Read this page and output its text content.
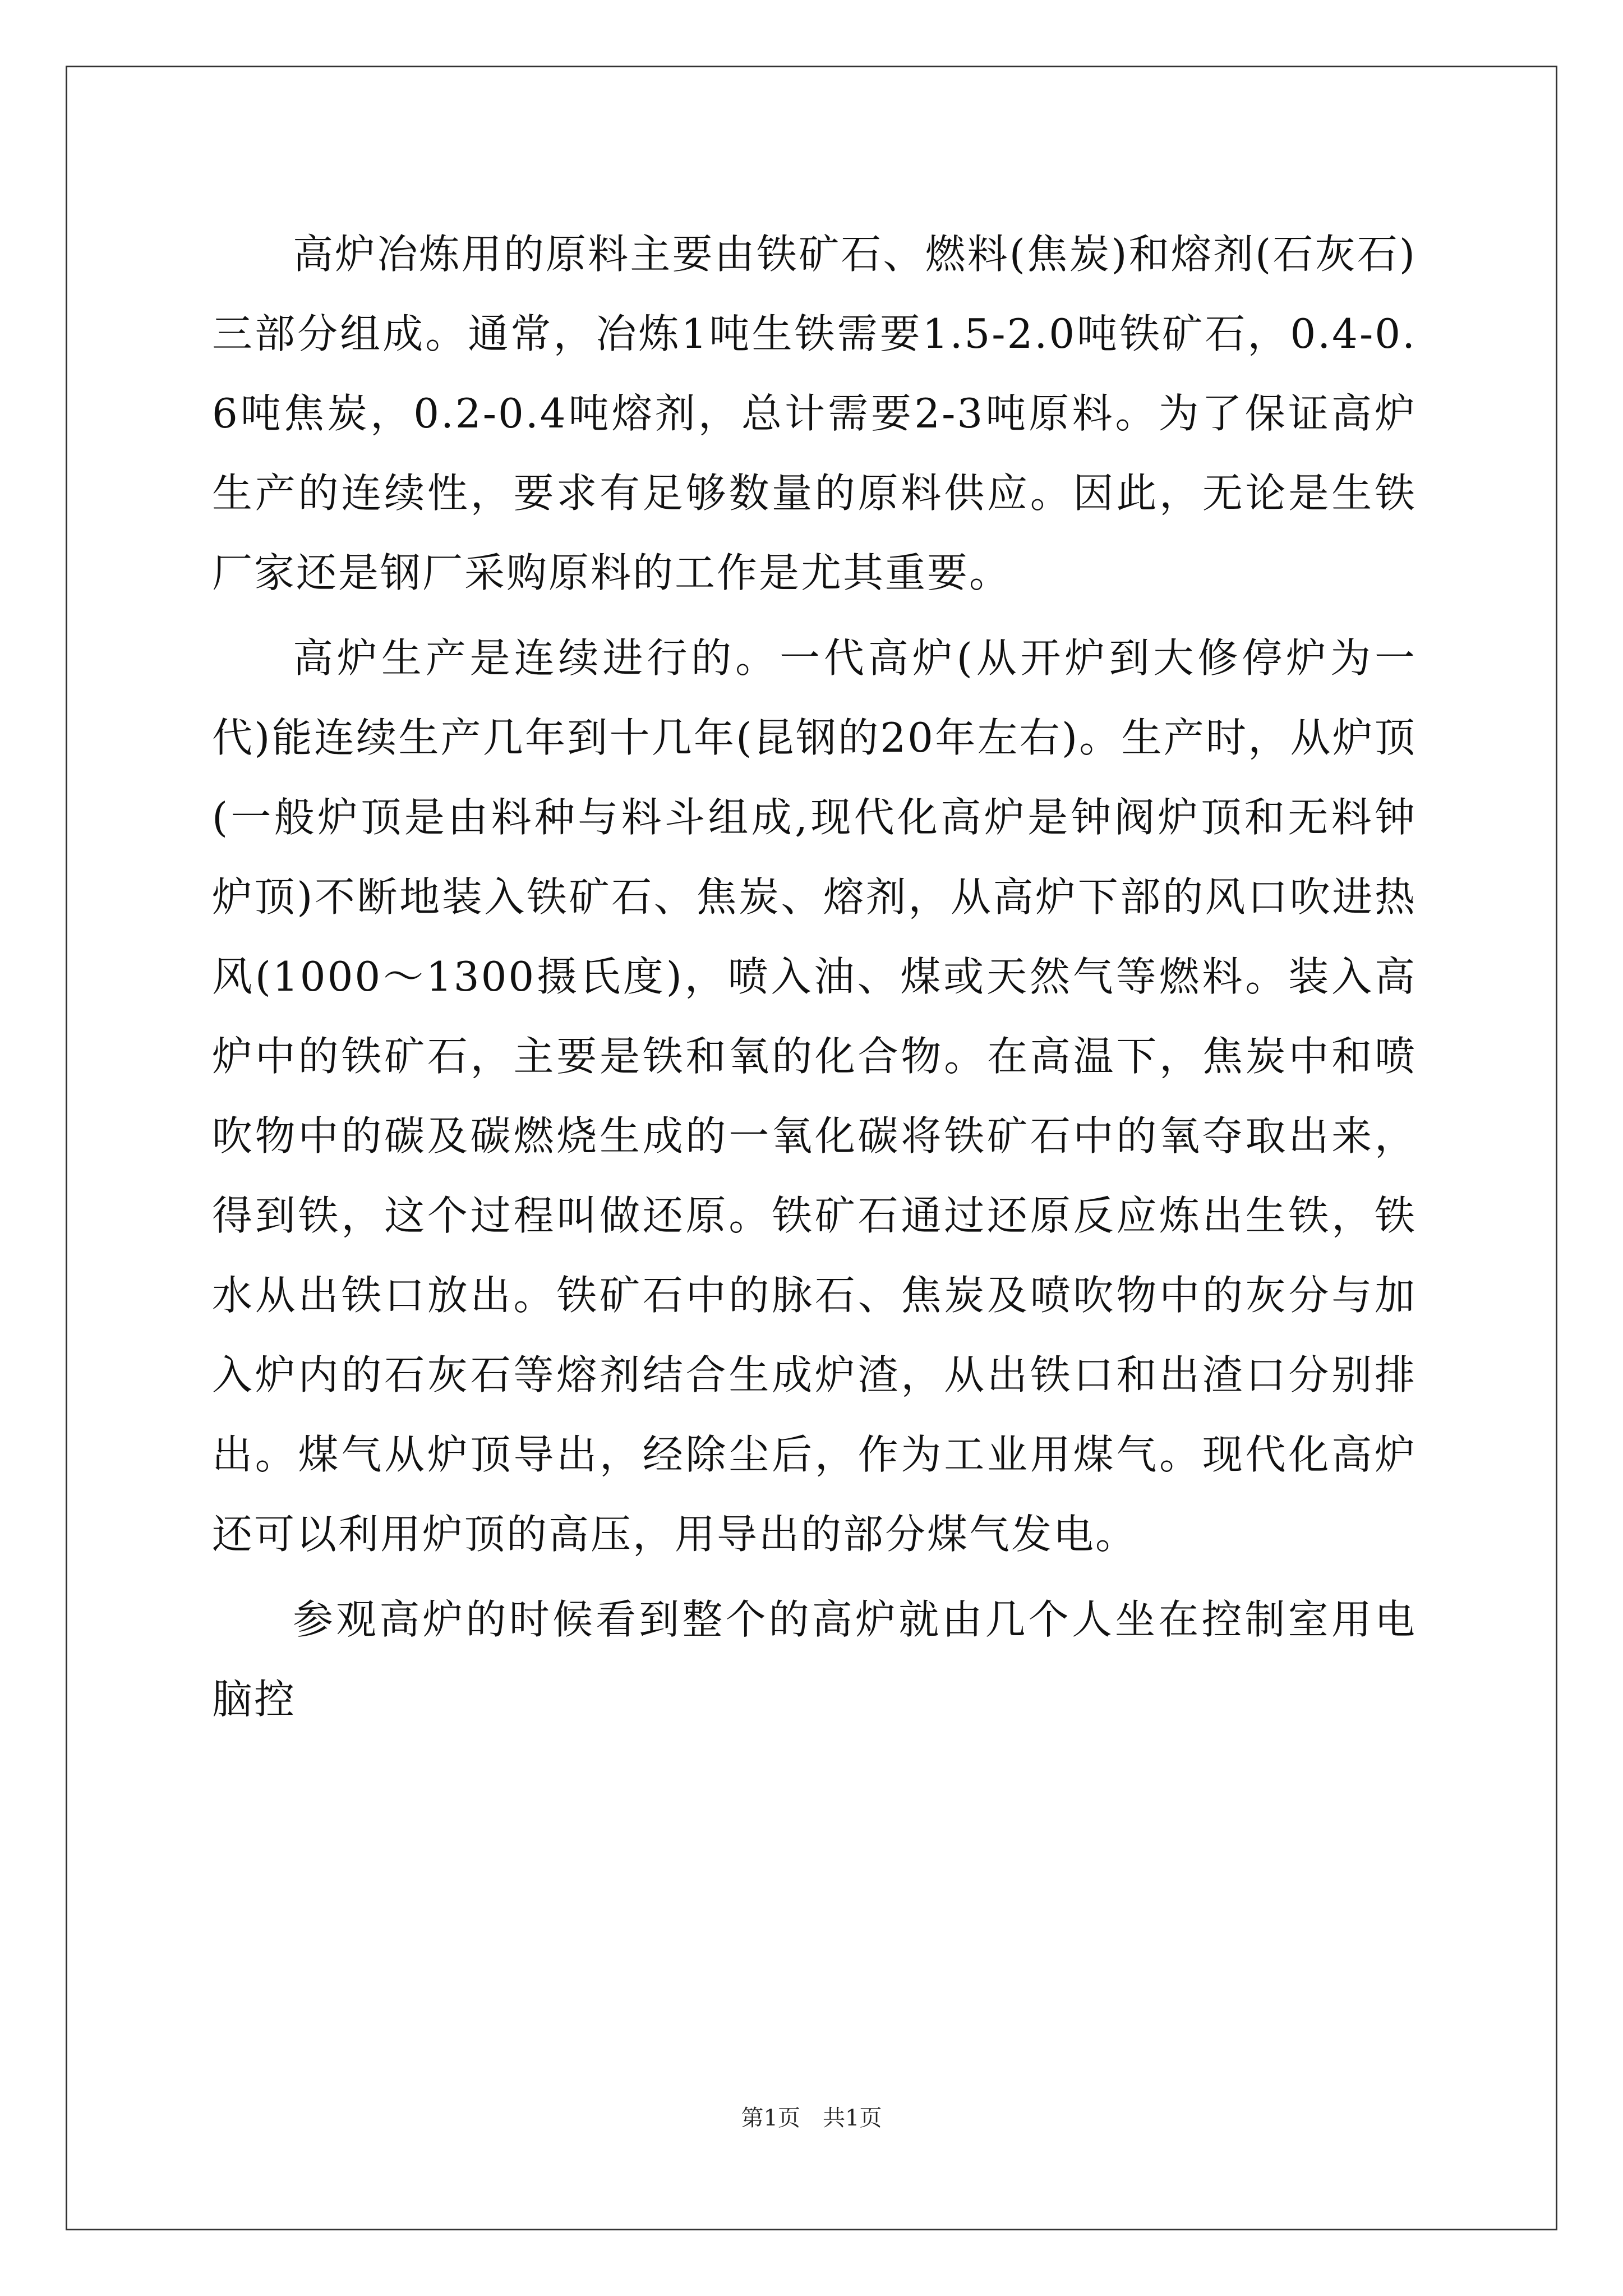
高炉冶炼用的原料主要由铁矿石、燃料(焦炭)和熔剂(石灰石)三部分组成。通常，冶炼1吨生铁需要1.5-2.0吨铁矿石，0.4-0.6吨焦炭，0.2-0.4吨熔剂，总计需要2-3吨原料。为了保证高炉生产的连续性，要求有足够数量的原料供应。因此，无论是生铁厂家还是钢厂采购原料的工作是尤其重要。

高炉生产是连续进行的。一代高炉(从开炉到大修停炉为一代)能连续生产几年到十几年(昆钢的20年左右)。生产时，从炉顶(一般炉顶是由料种与料斗组成,现代化高炉是钟阀炉顶和无料钟炉顶)不断地装入铁矿石、焦炭、熔剂，从高炉下部的风口吹进热风(1000～1300摄氏度)，喷入油、煤或天然气等燃料。装入高炉中的铁矿石，主要是铁和氧的化合物。在高温下，焦炭中和喷吹物中的碳及碳燃烧生成的一氧化碳将铁矿石中的氧夺取出来，得到铁，这个过程叫做还原。铁矿石通过还原反应炼出生铁，铁水从出铁口放出。铁矿石中的脉石、焦炭及喷吹物中的灰分与加入炉内的石灰石等熔剂结合生成炉渣，从出铁口和出渣口分别排出。煤气从炉顶导出，经除尘后，作为工业用煤气。现代化高炉还可以利用炉顶的高压，用导出的部分煤气发电。

参观高炉的时候看到整个的高炉就由几个人坐在控制室用电脑控

第1页　共1页
